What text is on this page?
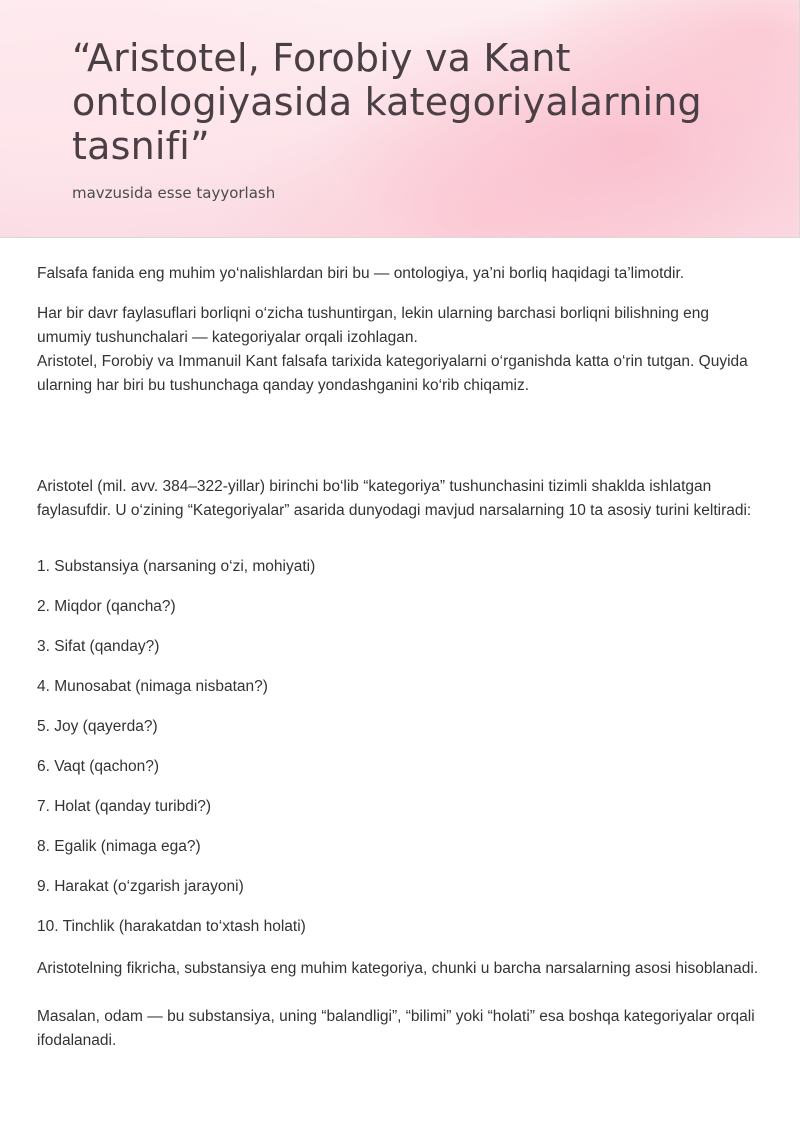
“Aristotel, Forobiy va Kant ontologiyasida kategoriyalarning tasnifi”
mavzusida esse tayyorlash

Falsafa fanida eng muhim yo‘nalishlardan biri bu — ontologiya, ya’ni borliq haqidagi ta’limotdir.

Har bir davr faylasuflari borliqni o‘zicha tushuntirgan, lekin ularning barchasi borliqni bilishning eng umumiy tushunchalari — kategoriyalar orqali izohlagan.

Aristotel, Forobiy va Immanuil Kant falsafa tarixida kategoriyalarni o‘rganishda katta o‘rin tutgan. Quyida ularning har biri bu tushunchaga qanday yondashganini ko‘rib chiqamiz.

Aristotel (mil. avv. 384–322-yillar) birinchi bo‘lib “kategoriya” tushunchasini tizimli shaklda ishlatgan faylasufdir. U o‘zining “Kategoriyalar” asarida dunyodagi mavjud narsalarning 10 ta asosiy turini keltiradi:

1. Substansiya (narsaning o‘zi, mohiyati)
2. Miqdor (qancha?)
3. Sifat (qanday?)
4. Munosabat (nimaga nisbatan?)
5. Joy (qayerda?)
6. Vaqt (qachon?)
7. Holat (qanday turibdi?)
8. Egalik (nimaga ega?)
9. Harakat (o‘zgarish jarayoni)
10. Tinchlik (harakatdan to‘xtash holati)

Aristotelning fikricha, substansiya eng muhim kategoriya, chunki u barcha narsalarning asosi hisoblanadi.

Masalan, odam — bu substansiya, uning “balandligi”, “bilimi” yoki “holati” esa boshqa kategoriyalar orqali ifodalanadi.
